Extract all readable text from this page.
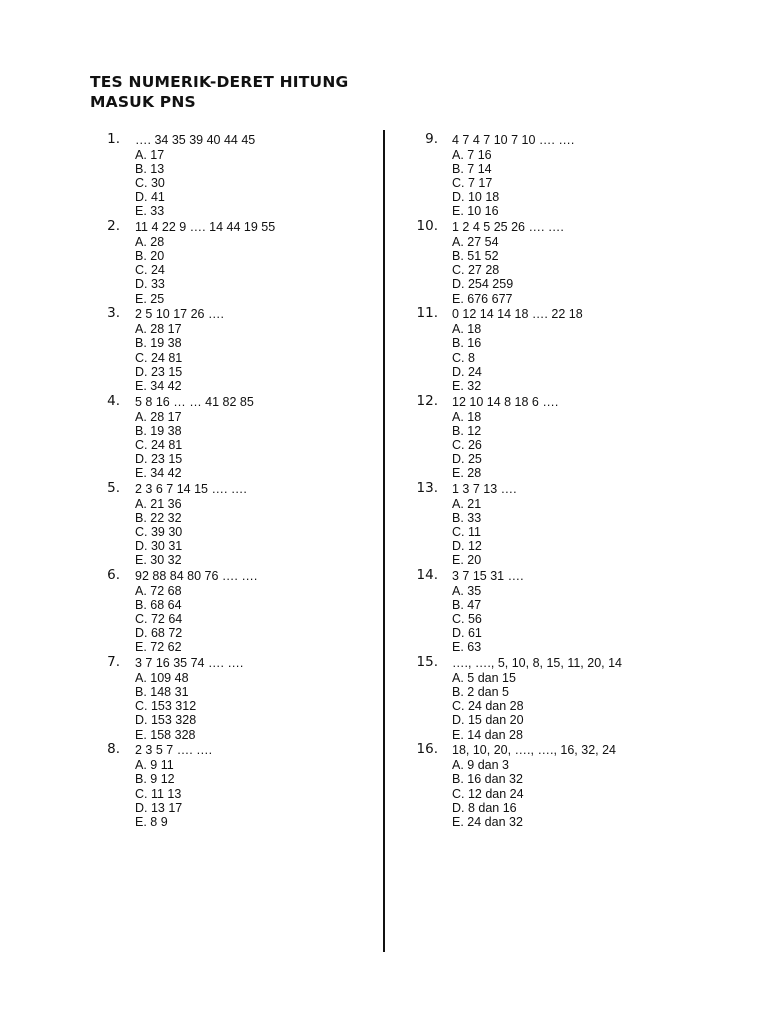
TES NUMERIK-DERET HITUNG
MASUK PNS
1. …. 34 35 39 40 44 45
A. 17
B. 13
C. 30
D. 41
E. 33
2. 11 4 22 9 …. 14 44 19 55
A. 28
B. 20
C. 24
D. 33
E. 25
3. 2 5 10 17 26 ….
A. 28 17
B. 19 38
C. 24 81
D. 23 15
E. 34 42
4. 5 8 16 … … 41 82 85
A. 28 17
B. 19 38
C. 24 81
D. 23 15
E. 34 42
5. 2 3 6 7 14 15 …. ….
A. 21 36
B. 22 32
C. 39 30
D. 30 31
E. 30 32
6. 92 88 84 80 76 …. ….
A. 72 68
B. 68 64
C. 72 64
D. 68 72
E. 72 62
7. 3 7 16 35 74 …. ….
A. 109 48
B. 148 31
C. 153 312
D. 153 328
E. 158 328
8. 2 3 5 7 …. ….
A. 9 11
B. 9 12
C. 11 13
D. 13 17
E. 8 9
9. 4 7 4 7 10 7 10 …. ….
A. 7 16
B. 7 14
C. 7 17
D. 10 18
E. 10 16
10. 1 2 4 5 25 26 …. ….
A. 27 54
B. 51 52
C. 27 28
D. 254 259
E. 676 677
11. 0 12 14 14 18 …. 22 18
A. 18
B. 16
C. 8
D. 24
E. 32
12. 12 10 14 8 18 6 ….
A. 18
B. 12
C. 26
D. 25
E. 28
13. 1 3 7 13 ….
A. 21
B. 33
C. 11
D. 12
E. 20
14. 3 7 15 31 ….
A. 35
B. 47
C. 56
D. 61
E. 63
15. …., …., 5, 10, 8, 15, 11, 20, 14
A. 5 dan 15
B. 2 dan 5
C. 24 dan 28
D. 15 dan 20
E. 14 dan 28
16. 18, 10, 20, …., …., 16, 32, 24
A. 9 dan 3
B. 16 dan 32
C. 12 dan 24
D. 8 dan 16
E. 24 dan 32
